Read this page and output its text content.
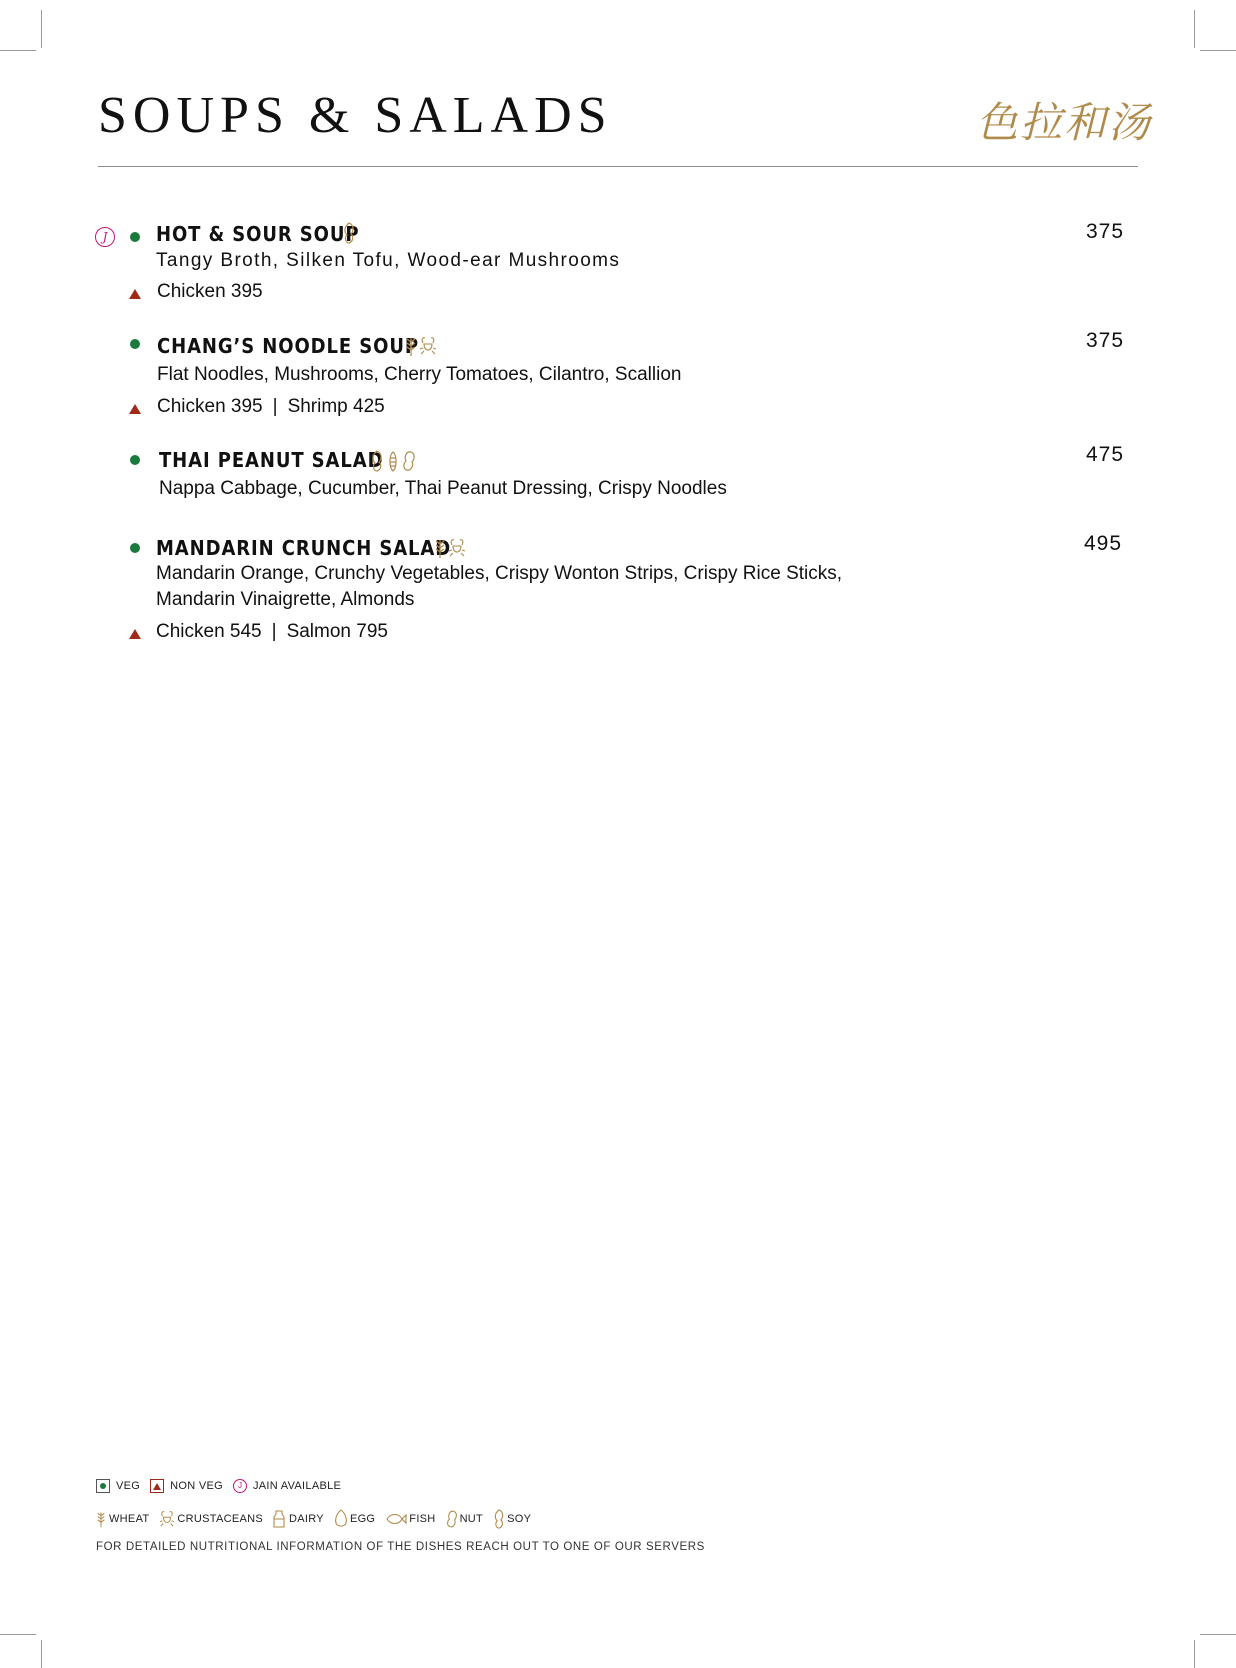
SOUPS & SALADS	色拉和汤
J	HOT & SOUR SOUP
Tangy Broth, Silken Tofu, Wood-ear Mushrooms
Chicken 395
375
CHANG’S NOODLE SOUP
Flat Noodles, Mushrooms, Cherry Tomatoes, Cilantro, Scallion
Chicken 395 | Shrimp 425
375
THAI PEANUT SALAD
Nappa Cabbage, Cucumber, Thai Peanut Dressing, Crispy Noodles
475
MANDARIN CRUNCH SALAD
Mandarin Orange, Crunchy Vegetables, Crispy Wonton Strips, Crispy Rice Sticks,
Mandarin Vinaigrette, Almonds
Chicken 545 | Salmon 795
495
VEG	NON VEG	J	JAIN AVAILABLE
WHEAT	CRUSTACEANS DAIRY EGG	FISH NUT SOY
FOR DETAILED NUTRITIONAL INFORMATION OF THE DISHES REACH OUT TO ONE OF OUR SERVERS
